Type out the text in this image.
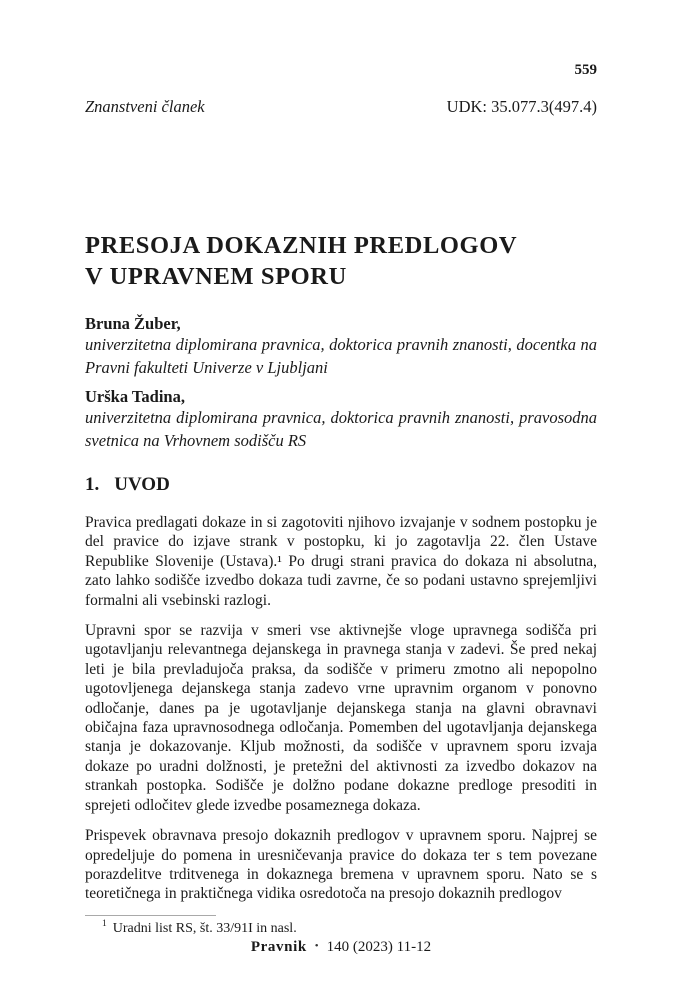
559
Znanstveni članek	UDK: 35.077.3(497.4)
PRESOJA DOKAZNIH PREDLOGOV
V UPRAVNEM SPORU
Bruna Žuber,
univerzitetna diplomirana pravnica, doktorica pravnih znanosti, docentka na Pravni fakulteti Univerze v Ljubljani
Urška Tadina,
univerzitetna diplomirana pravnica, doktorica pravnih znanosti, pravosodna svetnica na Vrhovnem sodišču RS
1. UVOD

Pravica predlagati dokaze in si zagotoviti njihovo izvajanje v sodnem postopku je del pravice do izjave strank v postopku, ki jo zagotavlja 22. člen Ustave Republike Slovenije (Ustava).¹ Po drugi strani pravica do dokaza ni absolutna, zato lahko sodišče izvedbo dokaza tudi zavrne, če so podani ustavno sprejemljivi formalni ali vsebinski razlogi.

Upravni spor se razvija v smeri vse aktivnejše vloge upravnega sodišča pri ugotavljanju relevantnega dejanskega in pravnega stanja v zadevi. Še pred nekaj leti je bila prevladujoča praksa, da sodišče v primeru zmotno ali nepopolno ugotovljenega dejanskega stanja zadevo vrne upravnim organom v ponovno odločanje, danes pa je ugotavljanje dejanskega stanja na glavni obravnavi običajna faza upravnosodnega odločanja. Pomemben del ugotavljanja dejanskega stanja je dokazovanje. Kljub možnosti, da sodišče v upravnem sporu izvaja dokaze po uradni dolžnosti, je pretežni del aktivnosti za izvedbo dokazov na strankah postopka. Sodišče je dolžno podane dokazne predloge presoditi in sprejeti odločitev glede izvedbe posameznega dokaza.

Prispevek obravnava presojo dokaznih predlogov v upravnem sporu. Najprej se opredeljuje do pomena in uresničevanja pravice do dokaza ter s tem povezane porazdelitve trditvenega in dokaznega bremena v upravnem sporu. Nato se s teoretičnega in praktičnega vidika osredotoča na presojo dokaznih predlogov

$^1$ Uradni list RS, št. 33/91I in nasl.
Pravnik • 140 (2023) 11-12
